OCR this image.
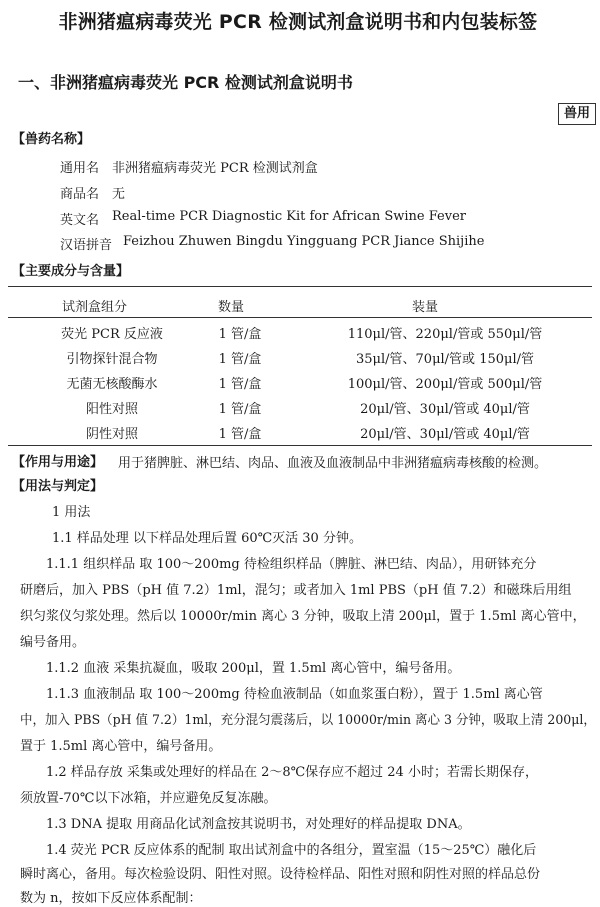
非洲猪瘟病毒荧光 PCR 检测试剂盒说明书和内包装标签
一、非洲猪瘟病毒荧光 PCR 检测试剂盒说明书
兽用
【兽药名称】
通用名 非洲猪瘟病毒荧光 PCR 检测试剂盒
商品名 无
英文名 Real-time PCR Diagnostic Kit for African Swine Fever
汉语拼音 Feizhou Zhuwen Bingdu Yingguang PCR Jiance Shijihe
【主要成分与含量】
试剂盒组分	数量	装量
荧光 PCR 反应液	1 管/盒	110μl/管、220μl/管或 550μl/管
引物探针混合物	1 管/盒	35μl/管、70μl/管或 150μl/管
无菌无核酸酶水	1 管/盒	100μl/管、200μl/管或 500μl/管
阳性对照	1 管/盒	20μl/管、30μl/管或 40μl/管
阴性对照	1 管/盒	20μl/管、30μl/管或 40μl/管
【作用与用途】 用于猪脾脏、淋巴结、肉品、血液及血液制品中非洲猪瘟病毒核酸的检测。
【用法与判定】
1 用法
1.1 样品处理 以下样品处理后置 60℃灭活 30 分钟。
1.1.1 组织样品 取 100～200mg 待检组织样品（脾脏、淋巴结、肉品），用研钵充分
研磨后，加入 PBS（pH 值 7.2）1ml，混匀；或者加入 1ml PBS（pH 值 7.2）和磁珠后用组
织匀浆仪匀浆处理。然后以 10000r/min 离心 3 分钟，吸取上清 200μl，置于 1.5ml 离心管中，
编号备用。
1.1.2 血液 采集抗凝血，吸取 200μl，置 1.5ml 离心管中，编号备用。
1.1.3 血液制品 取 100～200mg 待检血液制品（如血浆蛋白粉），置于 1.5ml 离心管
中，加入 PBS（pH 值 7.2）1ml，充分混匀震荡后，以 10000r/min 离心 3 分钟，吸取上清 200μl，
置于 1.5ml 离心管中，编号备用。
1.2 样品存放 采集或处理好的样品在 2～8℃保存应不超过 24 小时；若需长期保存，
须放置-70℃以下冰箱，并应避免反复冻融。
1.3 DNA 提取 用商品化试剂盒按其说明书，对处理好的样品提取 DNA。
1.4 荧光 PCR 反应体系的配制 取出试剂盒中的各组分，置室温（15～25℃）融化后
瞬时离心，备用。每次检验设阴、阳性对照。设待检样品、阳性对照和阴性对照的样品总份
数为 n，按如下反应体系配制：
